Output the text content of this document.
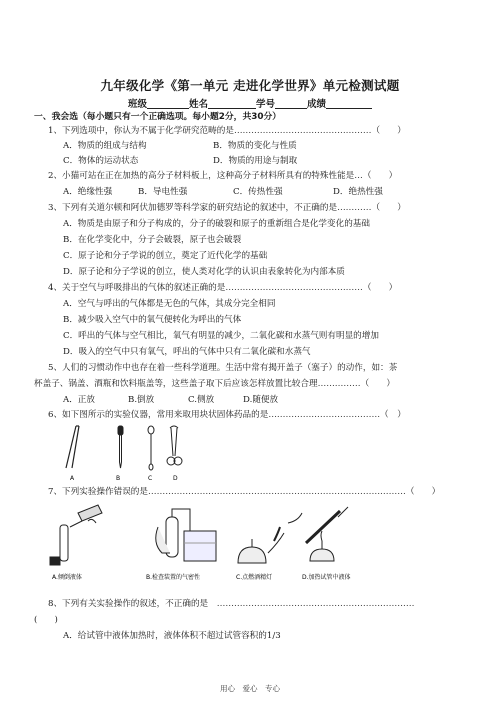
九年级化学《第一单元 走进化学世界》单元检测试题
班级	姓名	学号	成绩
一、我会选（每小题只有一个正确选项。每小题2分，共30分）
1、下列选项中，你认为不属于化学研究范畴的是…………………………………………（　　）
A．物质的组成与结构	B．物质的变化与性质
C．物体的运动状态	D．物质的用途与制取
2、小猫可站在正在加热的高分子材料板上，这种高分子材料所具有的特殊性能是…（　　）
A．绝缘性强	B．导电性强	C．传热性强	D．绝热性强
3、下列有关道尔顿和阿伏加德罗等科学家的研究结论的叙述中，不正确的是…………（　　）
A．物质是由原子和分子构成的，分子的破裂和原子的重新组合是化学变化的基础
B．在化学变化中，分子会破裂，原子也会破裂
C．原子论和分子学说的创立，奠定了近代化学的基础
D．原子论和分子学说的创立，使人类对化学的认识由表象转化为内部本质
4、关于空气与呼吸排出的气体的叙述正确的是…………………………………………（　　）
A．空气与呼出的气体都是无色的气体，其成分完全相同
B．减少吸入空气中的氧气便转化为呼出的气体
C．呼出的气体与空气相比，氧气有明显的减少，二氧化碳和水蒸气则有明显的增加
D．吸入的空气中只有氧气，呼出的气体中只有二氧化碳和水蒸气
5、人们的习惯动作中也存在着一些科学道理。生活中常有揭开盖子（塞子）的动作，如：茶
杯盖子、锅盖、酒瓶和饮料瓶盖等，这些盖子取下后应该怎样放置比较合理……………（　　）
A．正放	B.倒放	C.侧放	D.随便放
6、如下图所示的实验仪器，常用来取用块状固体药品的是…………………………………（　）
A	B	C	D
7、下列实验操作错误的是………………………………………………………………………………（　　）
A.倾倒液体	B.检查装置的气密性	C.点燃酒精灯	D.加热试管中液体
8、下列有关实验操作的叙述，不正确的是　 ……………………………………………………………
(　　)
A．给试管中液体加热时，液体体积不超过试管容积的1/3
用心　爱心　专心
